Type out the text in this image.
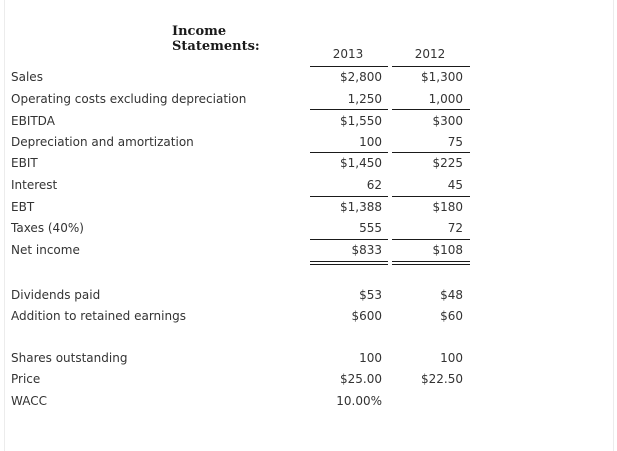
Income Statements:	2013	2012
Sales	$2,800	$1,300
Operating costs excluding depreciation	1,250	1,000
EBITDA	$1,550	$300
Depreciation and amortization	100	75
EBIT	$1,450	$225
Interest	62	45
EBT	$1,388	$180
Taxes (40%)	555	72
Net income	$833	$108
Dividends paid	$53	$48
Addition to retained earnings	$600	$60
Shares outstanding	100	100
Price	$25.00	$22.50
WACC	10.00%
